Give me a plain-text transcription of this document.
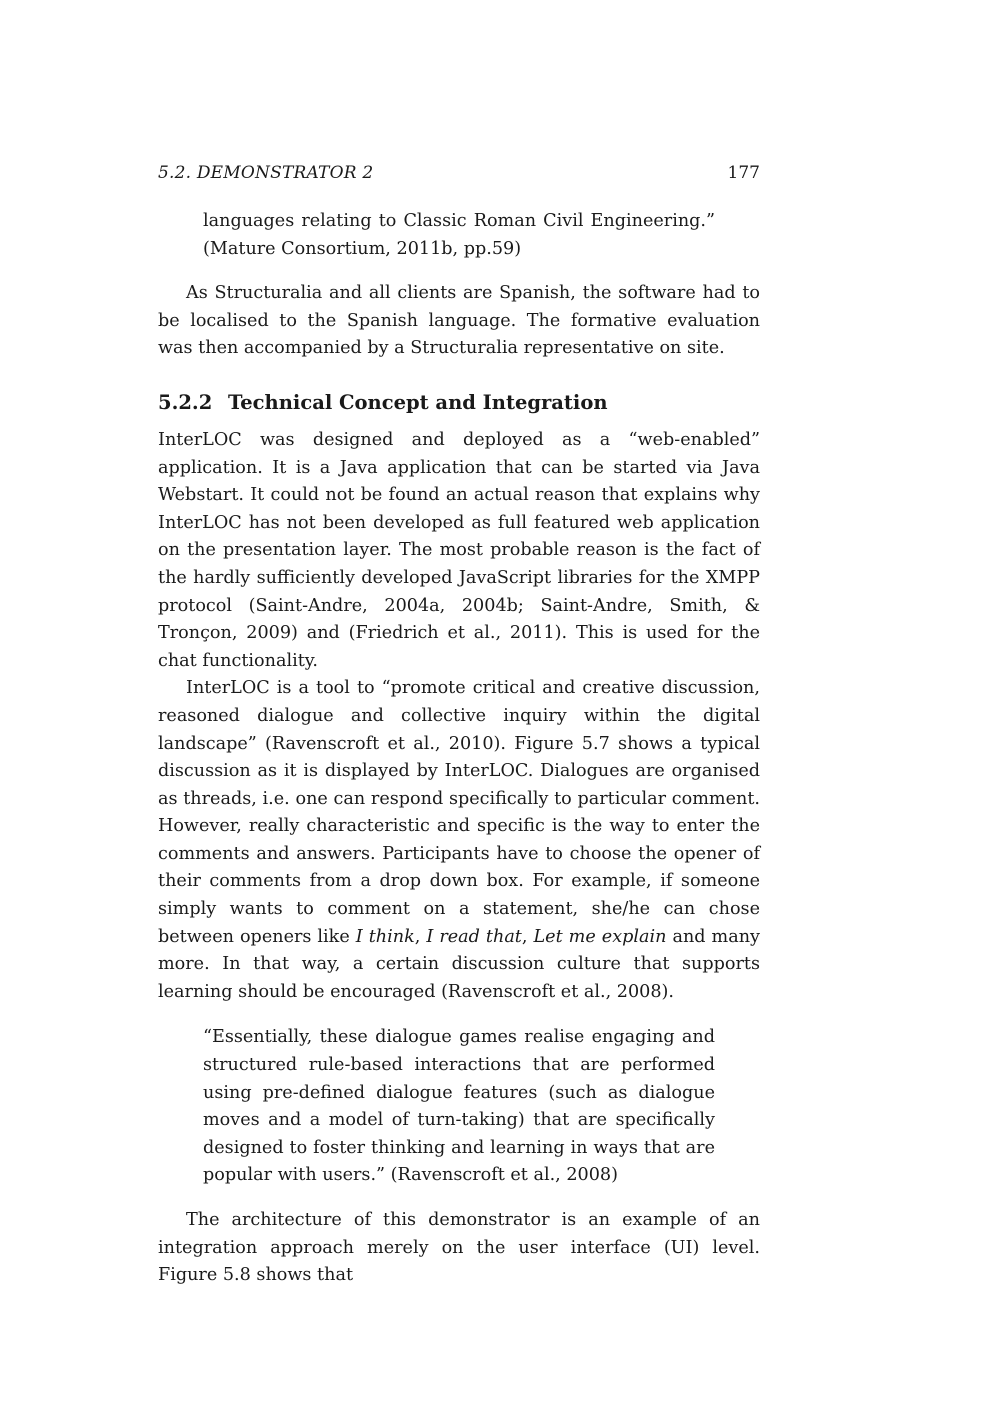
5.2. DEMONSTRATOR 2	177

languages relating to Classic Roman Civil Engineering.” (Mature Consortium, 2011b, pp.59)

As Structuralia and all clients are Spanish, the software had to be localised to the Spanish language. The formative evaluation was then accompanied by a Structuralia representative on site.

5.2.2 Technical Concept and Integration

InterLOC was designed and deployed as a “web-enabled” application. It is a Java application that can be started via Java Webstart. It could not be found an actual reason that explains why InterLOC has not been developed as full featured web application on the presentation layer. The most probable reason is the fact of the hardly sufficiently developed JavaScript libraries for the XMPP protocol (Saint-Andre, 2004a, 2004b; Saint-Andre, Smith, & Tronçon, 2009) and (Friedrich et al., 2011). This is used for the chat functionality.

InterLOC is a tool to “promote critical and creative discussion, reasoned dialogue and collective inquiry within the digital landscape” (Ravenscroft et al., 2010). Figure 5.7 shows a typical discussion as it is displayed by InterLOC. Dialogues are organised as threads, i.e. one can respond specifically to particular comment. However, really characteristic and specific is the way to enter the comments and answers. Participants have to choose the opener of their comments from a drop down box. For example, if someone simply wants to comment on a statement, she/he can chose between openers like I think, I read that, Let me explain and many more. In that way, a certain discussion culture that supports learning should be encouraged (Ravenscroft et al., 2008).

“Essentially, these dialogue games realise engaging and structured rule-based interactions that are performed using pre-defined dialogue features (such as dialogue moves and a model of turn-taking) that are specifically designed to foster thinking and learning in ways that are popular with users.” (Ravenscroft et al., 2008)

The architecture of this demonstrator is an example of an integration approach merely on the user interface (UI) level. Figure 5.8 shows that
